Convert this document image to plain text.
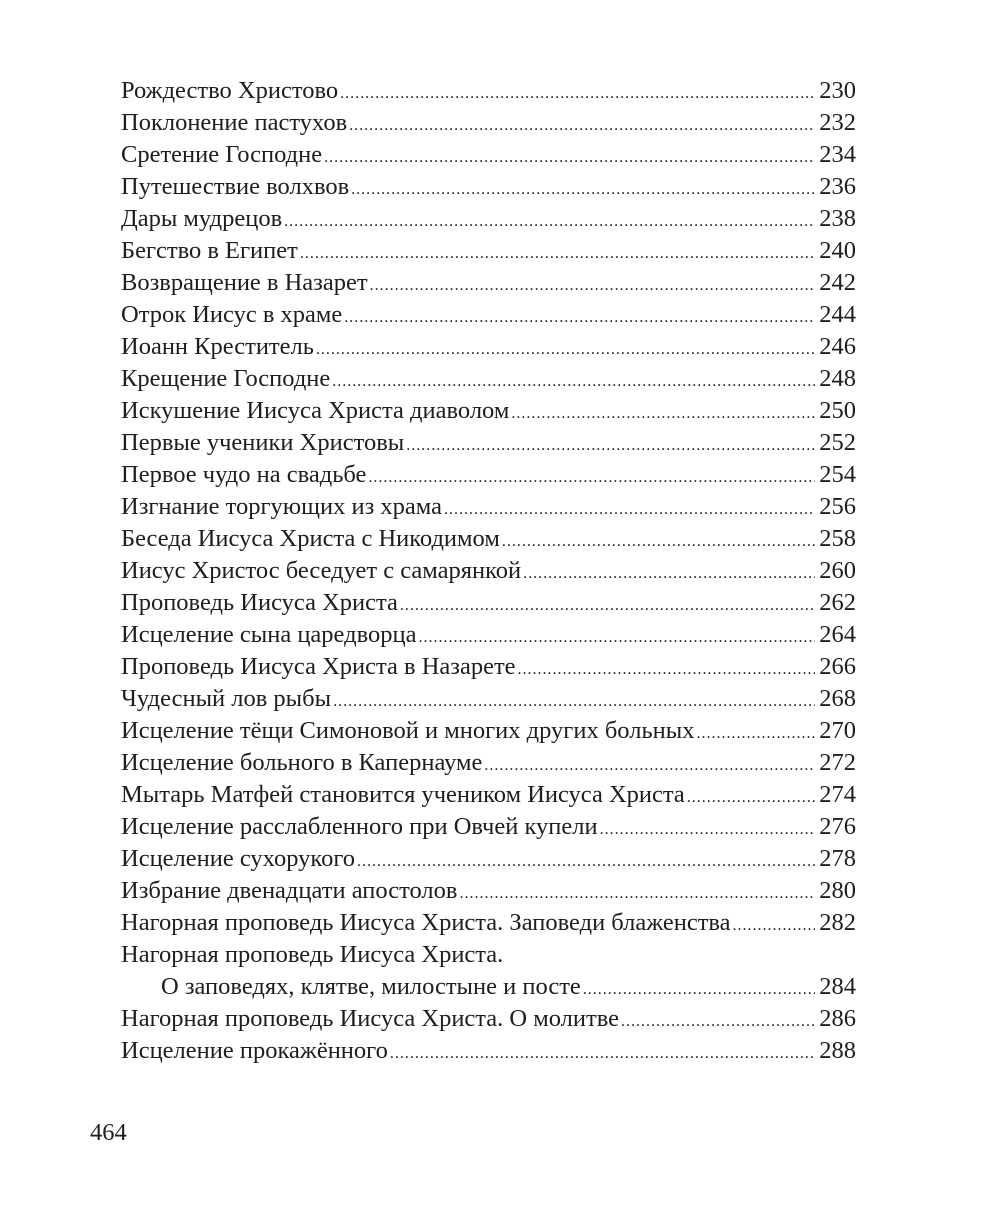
Рождество Христово .....	230
Поклонение пастухов .....	232
Сретение Господне .....	234
Путешествие волхвов .....	236
Дары мудрецов .....	238
Бегство в Египет .....	240
Возвращение в Назарет .....	242
Отрок Иисус в храме .....	244
Иоанн Креститель .....	246
Крещение Господне .....	248
Искушение Иисуса Христа диаволом .....	250
Первые ученики Христовы .....	252
Первое чудо на свадьбе .....	254
Изгнание торгующих из храма .....	256
Беседа Иисуса Христа с Никодимом .....	258
Иисус Христос беседует с самарянкой .....	260
Проповедь Иисуса Христа .....	262
Исцеление сына царедворца .....	264
Проповедь Иисуса Христа в Назарете .....	266
Чудесный лов рыбы .....	268
Исцеление тёщи Симоновой и многих других больных .....	270
Исцеление больного в Капернауме .....	272
Мытарь Матфей становится учеником Иисуса Христа .....	274
Исцеление расслабленного при Овчей купели .....	276
Исцеление сухорукого .....	278
Избрание двенадцати апостолов .....	280
Нагорная проповедь Иисуса Христа. Заповеди блаженства .....	282
Нагорная проповедь Иисуса Христа.
О заповедях, клятве, милостыне и посте .....	284
Нагорная проповедь Иисуса Христа. О молитве .....	286
Исцеление прокажённого .....	288
464
